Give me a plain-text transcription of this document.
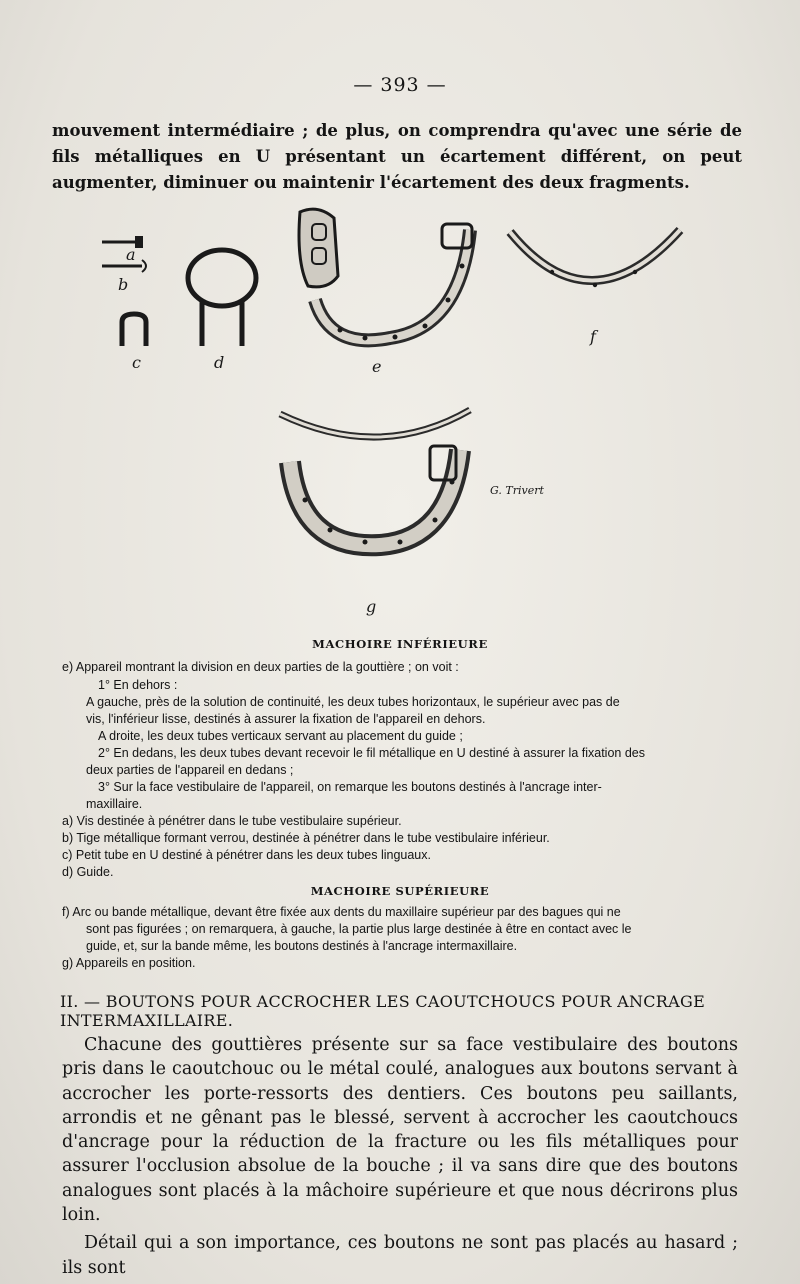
— 393 —
mouvement intermédiaire ; de plus, on comprendra qu'avec une série de fils métalliques en U présentant un écartement différent, on peut augmenter, diminuer ou maintenir l'écartement des deux fragments.
a
b
c	d	e
f
g
G. Trivert
MACHOIRE INFÉRIEURE
e) Appareil montrant la division en deux parties de la gouttière ; on voit :
1° En dehors :
A gauche, près de la solution de continuité, les deux tubes horizontaux, le supérieur avec pas de
vis, l'inférieur lisse, destinés à assurer la fixation de l'appareil en dehors.
A droite, les deux tubes verticaux servant au placement du guide ;
2° En dedans, les deux tubes devant recevoir le fil métallique en U destiné à assurer la fixation des
deux parties de l'appareil en dedans ;
3° Sur la face vestibulaire de l'appareil, on remarque les boutons destinés à l'ancrage inter-
maxillaire.
a) Vis destinée à pénétrer dans le tube vestibulaire supérieur.
b) Tige métallique formant verrou, destinée à pénétrer dans le tube vestibulaire inférieur.
c) Petit tube en U destiné à pénétrer dans les deux tubes linguaux.
d) Guide.
MACHOIRE SUPÉRIEURE
f) Arc ou bande métallique, devant être fixée aux dents du maxillaire supérieur par des bagues qui ne
sont pas figurées ; on remarquera, à gauche, la partie plus large destinée à être en contact avec le
guide, et, sur la bande même, les boutons destinés à l'ancrage intermaxillaire.
g) Appareils en position.
II. — BOUTONS POUR ACCROCHER LES CAOUTCHOUCS POUR ANCRAGE INTERMAXILLAIRE.

Chacune des gouttières présente sur sa face vestibulaire des boutons pris dans le caoutchouc ou le métal coulé, analogues aux boutons servant à accrocher les porte-ressorts des dentiers. Ces boutons peu saillants, arrondis et ne gênant pas le blessé, servent à accrocher les caoutchoucs d'ancrage pour la réduction de la fracture ou les fils métalliques pour assurer l'occlusion absolue de la bouche ; il va sans dire que des boutons analogues sont placés à la mâchoire supérieure et que nous décrirons plus loin.

Détail qui a son importance, ces boutons ne sont pas placés au hasard ; ils sont
